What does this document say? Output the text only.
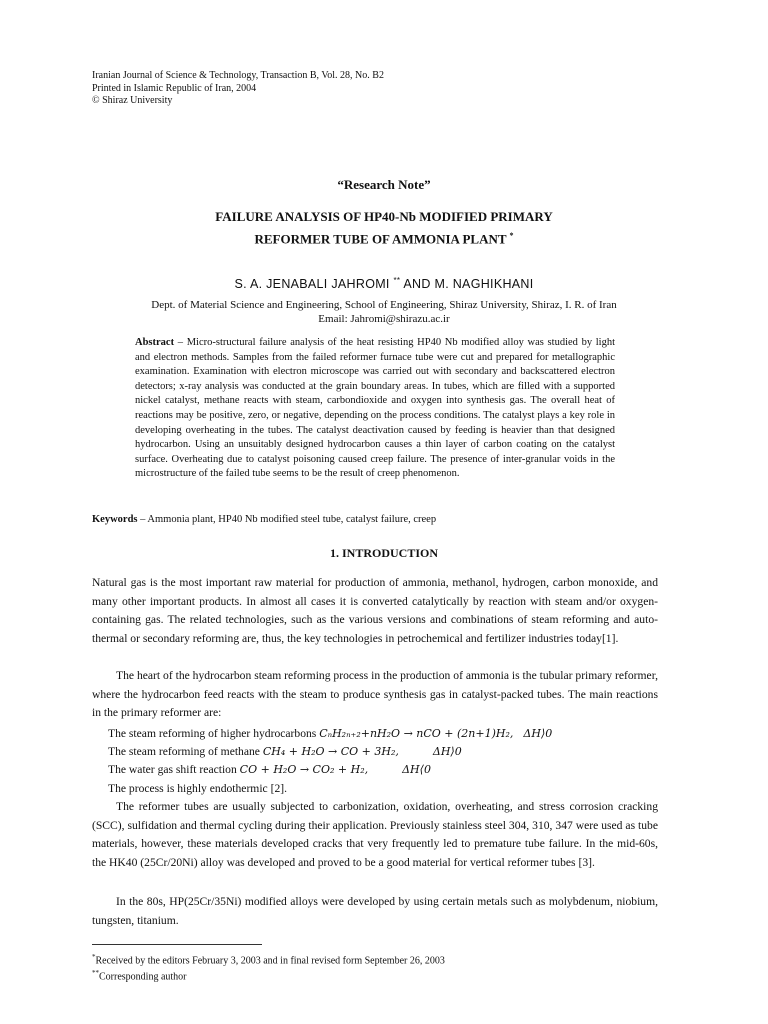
Iranian Journal of Science & Technology, Transaction B, Vol. 28, No. B2
Printed in Islamic Republic of Iran, 2004
© Shiraz University
“Research Note”
FAILURE ANALYSIS OF HP40-Nb MODIFIED PRIMARY
REFORMER TUBE OF AMMONIA PLANT *
S. A. JENABALI JAHROMI ** AND M. NAGHIKHANI
Dept. of Material Science and Engineering, School of Engineering, Shiraz University, Shiraz, I. R. of Iran
Email: Jahromi@shirazu.ac.ir
Abstract – Micro-structural failure analysis of the heat resisting HP40 Nb modified alloy was studied by light and electron methods. Samples from the failed reformer furnace tube were cut and prepared for metallographic examination. Examination with electron microscope was carried out with secondary and backscattered electron detectors; x-ray analysis was conducted at the grain boundary areas. In tubes, which are filled with a supported nickel catalyst, methane reacts with steam, carbondioxide and oxygen into synthesis gas. The overall heat of reactions may be positive, zero, or negative, depending on the process conditions. The catalyst plays a key role in developing overheating in the tubes. The catalyst deactivation caused by feeding is heavier than that designed hydrocarbon. Using an unsuitably designed hydrocarbon causes a thin layer of carbon coating on the catalyst surface. Overheating due to catalyst poisoning caused creep failure. The presence of inter-granular voids in the microstructure of the failed tube seems to be the result of creep phenomenon.
Keywords – Ammonia plant, HP40 Nb modified steel tube, catalyst failure, creep
1. INTRODUCTION
Natural gas is the most important raw material for production of ammonia, methanol, hydrogen, carbon monoxide, and many other important products. In almost all cases it is converted catalytically by reaction with steam and/or oxygen-containing gas. The related technologies, such as the various versions and combinations of steam reforming and auto-thermal or secondary reforming are, thus, the key technologies in petrochemical and fertilizer industries today[1].
The heart of the hydrocarbon steam reforming process in the production of ammonia is the tubular primary reformer, where the hydrocarbon feed reacts with the steam to produce synthesis gas in catalyst-packed tubes. The main reactions in the primary reformer are:
The steam reforming of higher hydrocarbons CₙH₂ₙ₊₂+nH₂O → nCO + (2n+1)H₂, ΔH⟩0
The steam reforming of methane CH₄ + H₂O → CO + 3H₂,	ΔH⟩0
The water gas shift reaction CO + H₂O → CO₂ + H₂,	ΔH⟨0
The process is highly endothermic [2].
The reformer tubes are usually subjected to carbonization, oxidation, overheating, and stress corrosion cracking (SCC), sulfidation and thermal cycling during their application. Previously stainless steel 304, 310, 347 were used as tube materials, however, these materials developed cracks that very frequently led to premature tube failure. In the mid-60s, the HK40 (25Cr/20Ni) alloy was developed and proved to be a good material for vertical reformer tubes [3].
In the 80s, HP(25Cr/35Ni) modified alloys were developed by using certain metals such as molybdenum, niobium, tungsten, titanium.
*Received by the editors February 3, 2003 and in final revised form September 26, 2003
**Corresponding author
